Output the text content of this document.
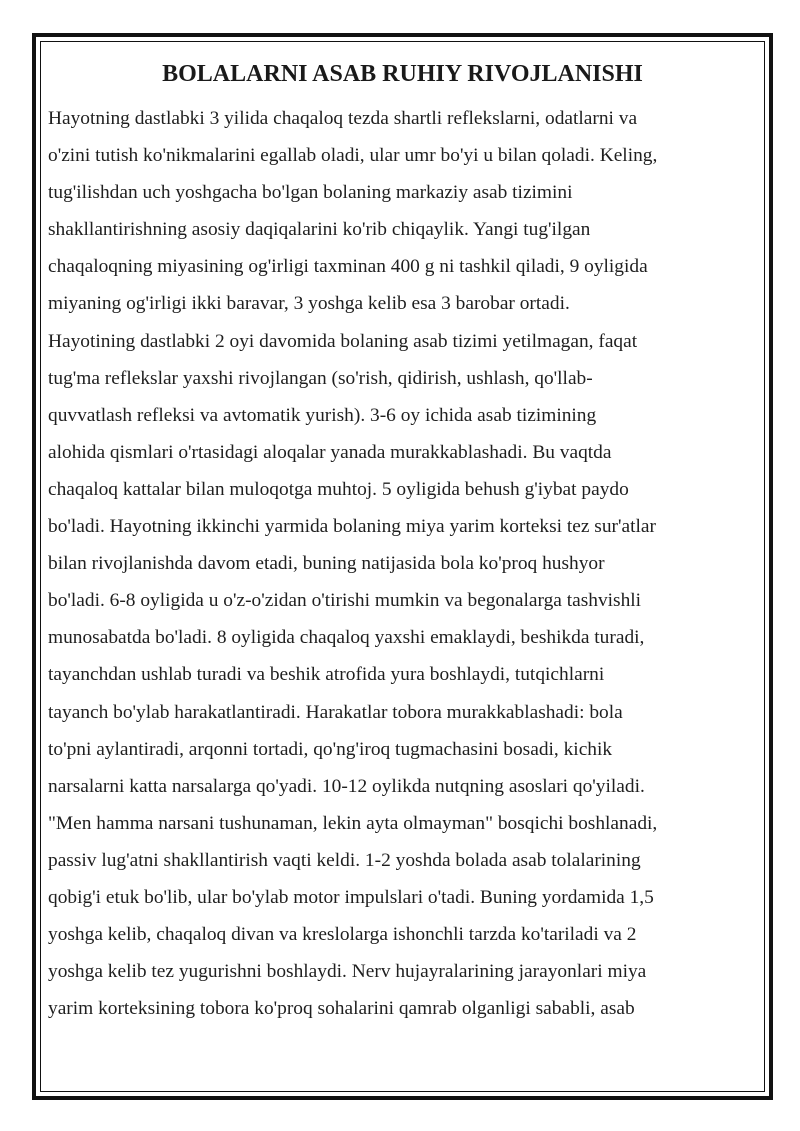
BOLALARNI ASAB RUHIY RIVOJLANISHI
Hayotning dastlabki 3 yilida chaqaloq tezda shartli reflekslarni, odatlarni va
o'zini tutish ko'nikmalarini egallab oladi, ular umr bo'yi u bilan qoladi. Keling,
tug'ilishdan uch yoshgacha bo'lgan bolaning markaziy asab tizimini
shakllantirishning asosiy daqiqalarini ko'rib chiqaylik. Yangi tug'ilgan
chaqaloqning miyasining og'irligi taxminan 400 g ni tashkil qiladi, 9 oyligida
miyaning og'irligi ikki baravar, 3 yoshga kelib esa 3 barobar ortadi.
Hayotining dastlabki 2 oyi davomida bolaning asab tizimi yetilmagan, faqat
tug'ma reflekslar yaxshi rivojlangan (so'rish, qidirish, ushlash, qo'llab-
quvvatlash refleksi va avtomatik yurish). 3-6 oy ichida asab tizimining
alohida qismlari o'rtasidagi aloqalar yanada murakkablashadi. Bu vaqtda
chaqaloq kattalar bilan muloqotga muhtoj. 5 oyligida behush g'iybat paydo
bo'ladi. Hayotning ikkinchi yarmida bolaning miya yarim korteksi tez sur'atlar
bilan rivojlanishda davom etadi, buning natijasida bola ko'proq hushyor
bo'ladi. 6-8 oyligida u o'z-o'zidan o'tirishi mumkin va begonalarga tashvishli
munosabatda bo'ladi. 8 oyligida chaqaloq yaxshi emaklaydi, beshikda turadi,
tayanchdan ushlab turadi va beshik atrofida yura boshlaydi, tutqichlarni
tayanch bo'ylab harakatlantiradi. Harakatlar tobora murakkablashadi: bola
to'pni aylantiradi, arqonni tortadi, qo'ng'iroq tugmachasini bosadi, kichik
narsalarni katta narsalarga qo'yadi. 10-12 oylikda nutqning asoslari qo'yiladi.
"Men hamma narsani tushunaman, lekin ayta olmayman" bosqichi boshlanadi,
passiv lug'atni shakllantirish vaqti keldi. 1-2 yoshda bolada asab tolalarining
qobig'i etuk bo'lib, ular bo'ylab motor impulslari o'tadi. Buning yordamida 1,5
yoshga kelib, chaqaloq divan va kreslolarga ishonchli tarzda ko'tariladi va 2
yoshga kelib tez yugurishni boshlaydi. Nerv hujayralarining jarayonlari miya
yarim korteksining tobora ko'proq sohalarini qamrab olganligi sababli, asab
